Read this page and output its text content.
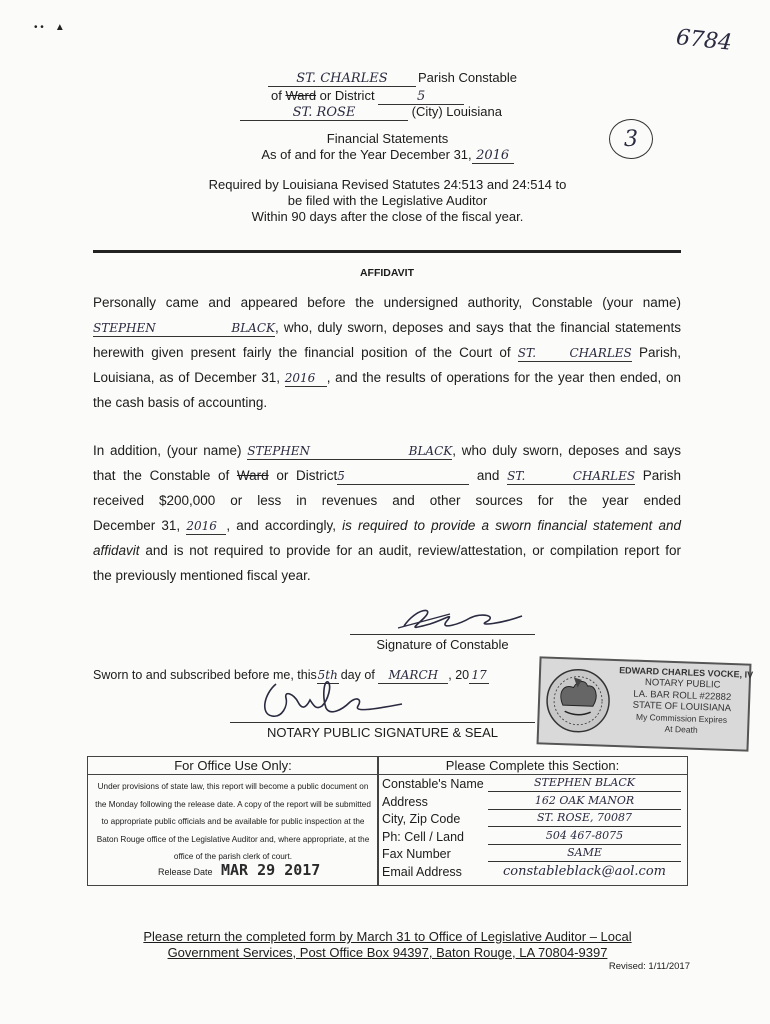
6784
3
• •    ▲
ST. CHARLES Parish Constable
of Ward or District	5
ST. ROSE	(City) Louisiana
Financial Statements
As of and for the Year December 31, 2016
Required by Louisiana Revised Statutes 24:513 and 24:514 to
be filed with the Legislative Auditor
Within 90 days after the close of the fiscal year.
AFFIDAVIT
Personally came and appeared before the undersigned authority, Constable (your name)
STEPHEN BLACK, who, duly sworn, deposes and says that the financial statements
herewith given present fairly the financial position of the Court of ST. CHARLES Parish,
Louisiana, as of December 31, 2016 , and the results of operations for the year then ended, on
the cash basis of accounting.
In addition, (your name) STEPHEN BLACK, who duly sworn, deposes and says
that the Constable of Ward or District5	and ST. CHARLES Parish
received $200,000 or less in revenues and other sources for the year ended
December 31, 2016 , and accordingly, is required to provide a sworn financial statement and
affidavit and is not required to provide for an audit, review/attestation, or compilation report for
the previously mentioned fiscal year.
Signature of Constable
Sworn to and subscribed before me, this5th day of MARCH , 20 17
NOTARY PUBLIC SIGNATURE & SEAL
EDWARD CHARLES VOCKE, IV
NOTARY PUBLIC
LA. BAR ROLL #22882
STATE OF LOUISIANA
My Commission Expires
At Death
For Office Use Only:
Under provisions of state law, this report will become a public document on the Monday following the release date. A copy of the report will be submitted to appropriate public officials and be available for public inspection at the Baton Rouge office of the Legislative Auditor and, where appropriate, at the office of the parish clerk of court.
Release Date MAR 29 2017
Please Complete this Section:
Constable's Name	STEPHEN BLACK
Address	162 OAK MANOR
City, Zip Code	ST. ROSE, 70087
Ph: Cell / Land	504 467-8075
Fax Number	SAME
Email Address	constableblack@aol.com
Please return the completed form by March 31 to Office of Legislative Auditor – Local
Government Services, Post Office Box 94397, Baton Rouge, LA 70804-9397
Revised: 1/11/2017
